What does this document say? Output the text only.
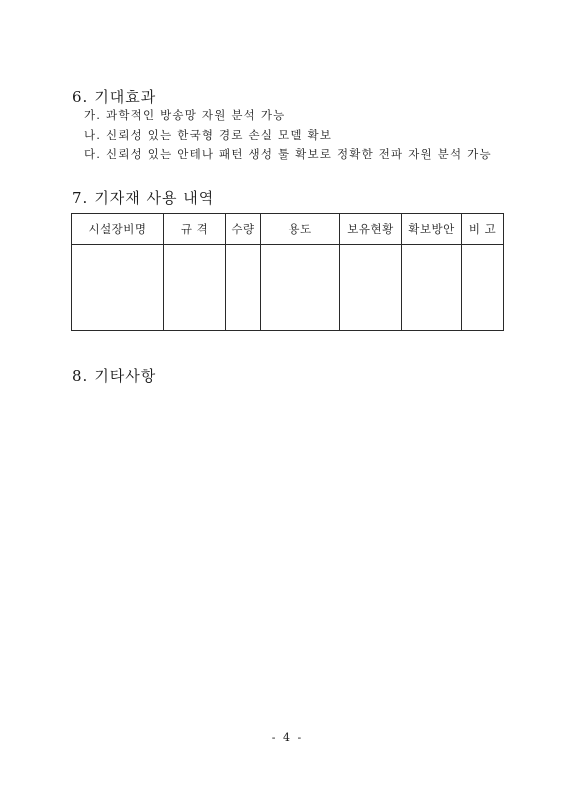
6. 기대효과
가. 과학적인 방송망 자원 분석 가능
나. 신뢰성 있는 한국형 경로 손실 모델 확보
다. 신뢰성 있는 안테나 패턴 생성 툴 확보로 정확한 전파 자원 분석 가능
7. 기자재 사용 내역
시설장비명	규 격	수량	용도	보유현황	확보방안	비 고

8. 기타사항
- 4 -
